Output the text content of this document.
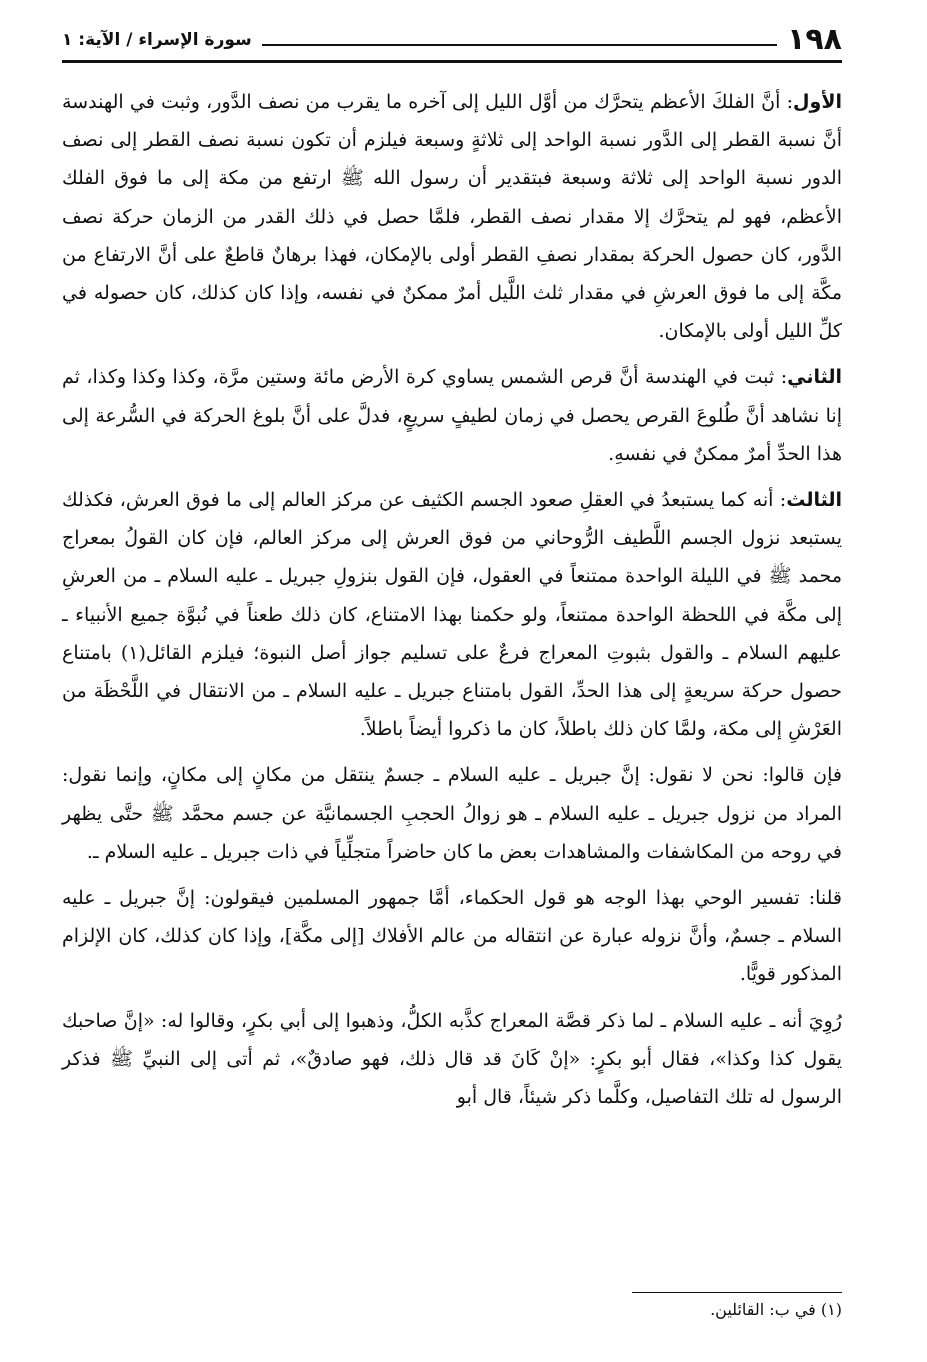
١٩٨
سورة الإسراء / الآية: ١

الأول: أنَّ الفلكَ الأعظم يتحرَّك من أوَّل الليل إلى آخره ما يقرب من نصف الدَّور، وثبت في الهندسة أنَّ نسبة القطر إلى الدَّور نسبة الواحد إلى ثلاثةٍ وسبعة فيلزم أن تكون نسبة نصف القطر إلى نصف الدور نسبة الواحد إلى ثلاثة وسبعة فبتقدير أن رسول الله ﷺ ارتفع من مكة إلى ما فوق الفلك الأعظم، فهو لم يتحرَّك إلا مقدار نصف القطر، فلمَّا حصل في ذلك القدر من الزمان حركة نصف الدَّور، كان حصول الحركة بمقدار نصفِ القطر أولى بالإمكان، فهذا برهانٌ قاطعٌ على أنَّ الارتفاع من مكَّة إلى ما فوق العرشِ في مقدار ثلث اللَّيل أمرٌ ممكنٌ في نفسه، وإذا كان كذلك، كان حصوله في كلِّ الليل أولى بالإمكان.

الثاني: ثبت في الهندسة أنَّ قرص الشمس يساوي كرة الأرض مائة وستين مرَّة، وكذا وكذا وكذا، ثم إنا نشاهد أنَّ طُلوعَ القرص يحصل في زمان لطيفٍ سريعٍ، فدلَّ على أنَّ بلوغ الحركة في السُّرعة إلى هذا الحدِّ أمرٌ ممكنٌ في نفسهِ.

الثالث: أنه كما يستبعدُ في العقلِ صعود الجسم الكثيف عن مركز العالم إلى ما فوق العرش، فكذلك يستبعد نزول الجسم اللَّطيف الرُّوحاني من فوق العرش إلى مركز العالم، فإن كان القولُ بمعراج محمد ﷺ في الليلة الواحدة ممتنعاً في العقول، فإن القول بنزولِ جبريل ـ عليه السلام ـ من العرشِ إلى مكَّة في اللحظة الواحدة ممتنعاً، ولو حكمنا بهذا الامتناع، كان ذلك طعناً في نُبوَّة جميع الأنبياء ـ عليهم السلام ـ والقول بثبوتِ المعراج فرعٌ على تسليم جواز أصل النبوة؛ فيلزم القائل(١) بامتناع حصول حركة سريعةٍ إلى هذا الحدِّ، القول بامتناع جبريل ـ عليه السلام ـ من الانتقال في اللَّحْظَة من العَرْشِ إلى مكة، ولمَّا كان ذلك باطلاً، كان ما ذكروا أيضاً باطلاً.

فإن قالوا: نحن لا نقول: إنَّ جبريل ـ عليه السلام ـ جسمٌ ينتقل من مكانٍ إلى مكانٍ، وإنما نقول: المراد من نزول جبريل ـ عليه السلام ـ هو زوالُ الحجبِ الجسمانيَّة عن جسم محمَّد ﷺ حتَّى يظهر في روحه من المكاشفات والمشاهدات بعض ما كان حاضراً متجلِّياً في ذات جبريل ـ عليه السلام ـ.

قلنا: تفسير الوحي بهذا الوجه هو قول الحكماء، أمَّا جمهور المسلمين فيقولون: إنَّ جبريل ـ عليه السلام ـ جسمٌ، وأنَّ نزوله عبارة عن انتقاله من عالم الأفلاك [إلى مكَّة]، وإذا كان كذلك، كان الإلزام المذكور قويًّا.

رُوِيَ أنه ـ عليه السلام ـ لما ذكر قصَّة المعراج كذَّبه الكلُّ، وذهبوا إلى أبي بكرٍ، وقالوا له: «إنَّ صاحبك يقول كذا وكذا»، فقال أبو بكرٍ: «إنْ كَانَ قد قال ذلك، فهو صادقٌ»، ثم أتى إلى النبيِّ ﷺ فذكر الرسول له تلك التفاصيل، وكلَّما ذكر شيئاً، قال أبو

(١) في ب: القائلين.
